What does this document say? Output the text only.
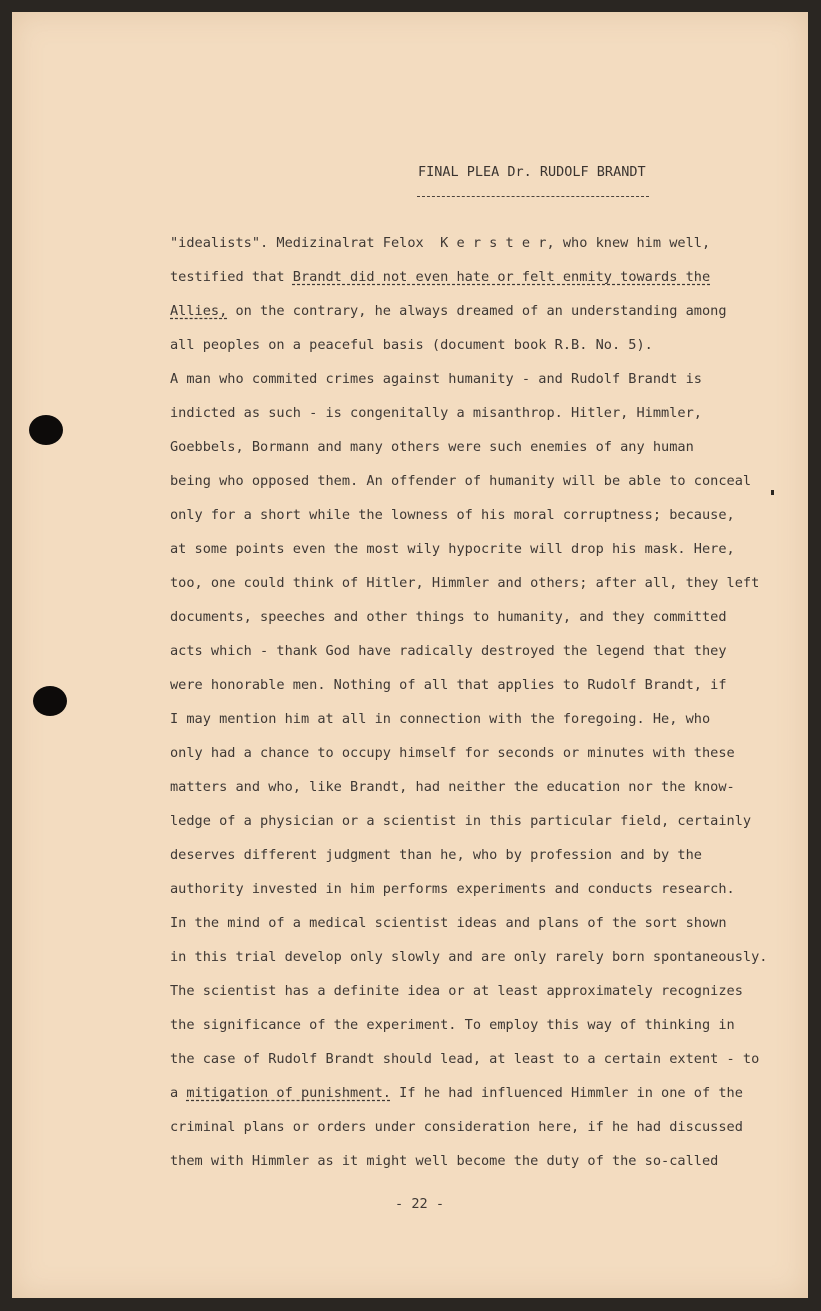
FINAL PLEA Dr. RUDOLF BRANDT
"idealists". Medizinalrat Felox  K e r s t e r, who knew him well,
testified that Brandt did not even hate or felt enmity towards the
Allies, on the contrary, he always dreamed of an understanding among
all peoples on a peaceful basis (document book R.B. No. 5).
A man who commited crimes against humanity - and Rudolf Brandt is
indicted as such - is congenitally a misanthrop. Hitler, Himmler,
Goebbels, Bormann and many others were such enemies of any human
being who opposed them. An offender of humanity will be able to conceal
only for a short while the lowness of his moral corruptness; because,
at some points even the most wily hypocrite will drop his mask. Here,
too, one could think of Hitler, Himmler and others; after all, they left
documents, speeches and other things to humanity, and they committed
acts which - thank God have radically destroyed the legend that they
were honorable men. Nothing of all that applies to Rudolf Brandt, if
I may mention him at all in connection with the foregoing. He, who
only had a chance to occupy himself for seconds or minutes with these
matters and who, like Brandt, had neither the education nor the know-
ledge of a physician or a scientist in this particular field, certainly
deserves different judgment than he, who by profession and by the
authority invested in him performs experiments and conducts research.
In the mind of a medical scientist ideas and plans of the sort shown
in this trial develop only slowly and are only rarely born spontaneously.
The scientist has a definite idea or at least approximately recognizes
the significance of the experiment. To employ this way of thinking in
the case of Rudolf Brandt should lead, at least to a certain extent - to
a mitigation of punishment. If he had influenced Himmler in one of the
criminal plans or orders under consideration here, if he had discussed
them with Himmler as it might well become the duty of the so-called
- 22 -
